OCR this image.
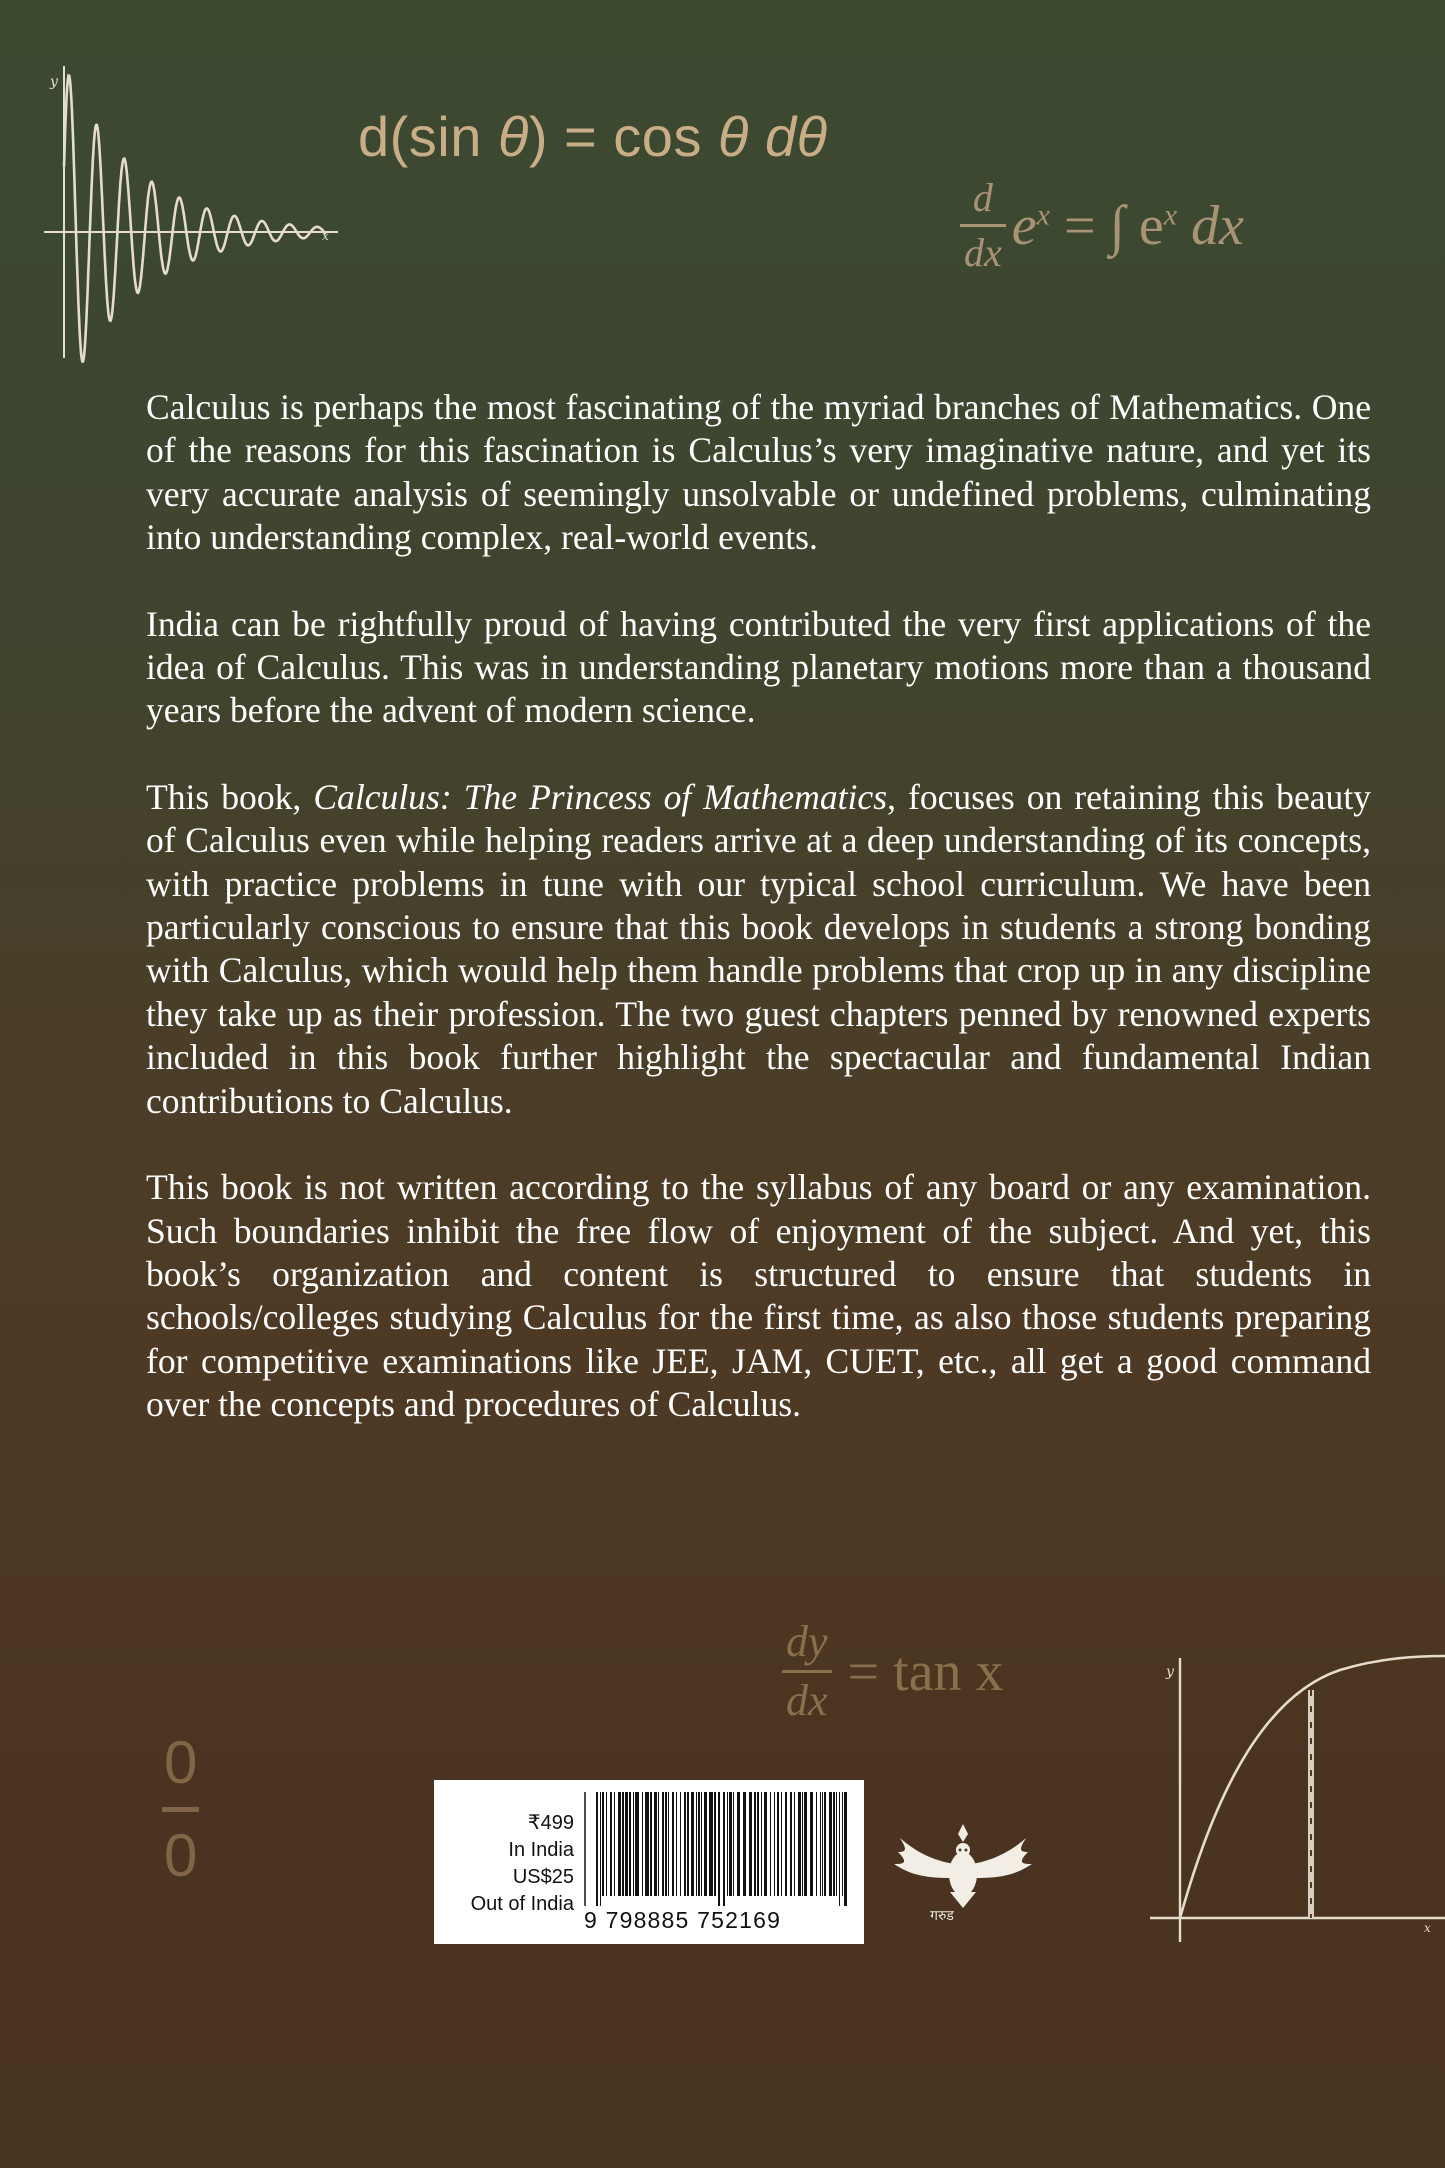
y
x
y
x
d(sin θ) = cos θ dθ
$\frac{d}{dx} e^x$ = ∫ $e^x$ dx
$\frac{dy}{dx} = \tan x$
$\frac{0}{0}$

Calculus is perhaps the most fascinating of the myriad branches of Mathematics. One of the reasons for this fascination is Calculus’s very imaginative nature, and yet its very accurate analysis of seemingly unsolvable or undefined problems, culminating into understanding complex, real-world events.

India can be rightfully proud of having contributed the very first applications of the idea of Calculus. This was in understanding planetary motions more than a thousand years before the advent of modern science.

This book, Calculus: The Princess of Mathematics, focuses on retaining this beauty of Calculus even while helping readers arrive at a deep understanding of its concepts, with practice problems in tune with our typical school curriculum. We have been particularly conscious to ensure that this book develops in students a strong bonding with Calculus, which would help them handle problems that crop up in any discipline they take up as their profession. The two guest chapters penned by renowned experts included in this book further highlight the spectacular and fundamental Indian contributions to Calculus.

This book is not written according to the syllabus of any board or any examination. Such boundaries inhibit the free flow of enjoyment of the subject. And yet, this book’s organization and content is structured to ensure that students in schools/colleges studying Calculus for the first time, as also those students preparing for competitive examinations like JEE, JAM, CUET, etc., all get a good command over the concepts and procedures of Calculus.

₹499
In India
US$25
Out of India
9 798885 752169	गरुड
